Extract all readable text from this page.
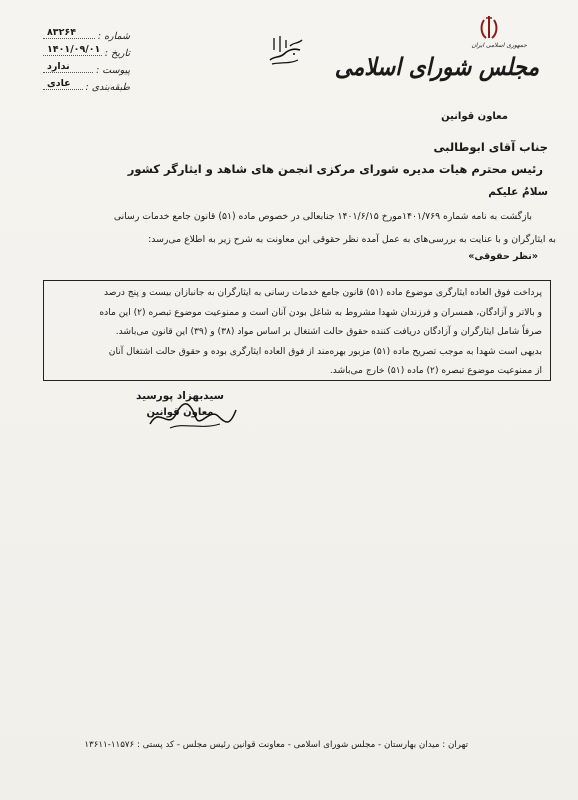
شماره :
۸۳۲۶۴
تاریخ :
۱۴۰۱/۰۹/۰۱
پیوست :
ندارد
طبقه‌بندی :
عادی
جمهوری اسلامی ایران
مجلس شورای اسلامی
معاون قوانین
جناب آقای ابوطالبی
رئیس محترم هیات مدیره شورای مرکزی انجمن های شاهد و ایثارگر کشور
سلامٌ علیکم

بازگشت به نامه شماره ۱۴۰۱/۷۶۹مورخ ۱۴۰۱/۶/۱۵ جنابعالی در خصوص ماده (۵۱) قانون جامع خدمات رسانی

به ایثارگران و با عنایت به بررسی‌های به عمل آمده نظر حقوقی این معاونت به شرح زیر به اطلاع می‌رسد:

«نظر حقوقی»

پرداخت فوق العاده ایثارگری موضوع ماده (۵۱) قانون جامع خدمات رسانی به ایثارگران به جانبازان بیست و پنج درصد

و بالاتر و آزادگان، همسران و فرزندان شهدا مشروط به شاغل بودن آنان است و ممنوعیت موضوع تبصره (۲) این ماده

صرفاً شامل ایثارگران و آزادگان دریافت کننده حقوق حالت اشتغال بر اساس مواد (۳۸) و (۳۹) این قانون می‌باشد.

بدیهی است شهدا به موجب تصریح ماده (۵۱) مزبور بهره‌مند از فوق العاده ایثارگری بوده و حقوق حالت اشتغال آنان

از ممنوعیت موضوع تبصره (۲) ماده (۵۱) خارج می‌باشد.

سیدبهزاد پورسید
معاون قوانین
تهران : میدان بهارستان - مجلس شورای اسلامی - معاونت قوانین رئیس مجلس - کد پستی : ۱۱۵۷۶-۱۳۶۱۱
